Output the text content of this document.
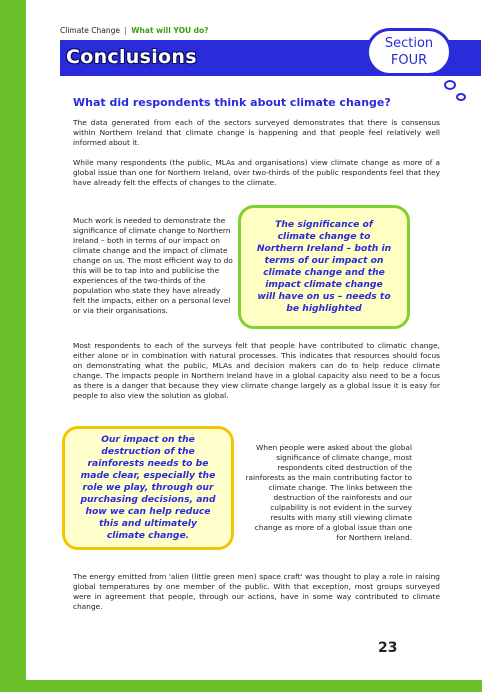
Climate Change | What will YOU do?
Conclusions
Section
FOUR
What did respondents think about climate change?
The data generated from each of the sectors surveyed demonstrates that there is consensus within Northern Ireland that climate change is happening and that people feel relatively well informed about it.
While many respondents (the public, MLAs and organisations) view climate change as more of a global issue than one for Northern Ireland, over two-thirds of the public respondents feel that they have already felt the effects of changes to the climate.
Much work is needed to demonstrate the significance of climate change to Northern Ireland – both in terms of our impact on climate change and the impact of climate change on us. The most efficient way to do this will be to tap into and publicise the experiences of the two-thirds of the population who state they have already felt the impacts, either on a personal level or via their organisations.
The significance of climate change to Northern Ireland – both in terms of our impact on climate change and the impact climate change will have on us – needs to be highlighted
Most respondents to each of the surveys felt that people have contributed to climatic change, either alone or in combination with natural processes. This indicates that resources should focus on demonstrating what the public, MLAs and decision makers can do to help reduce climate change. The impacts people in Northern Ireland have in a global capacity also need to be a focus as there is a danger that because they view climate change largely as a global issue it is easy for people to also view the solution as global.
Our impact on the destruction of the rainforests needs to be made clear, especially the role we play, through our purchasing decisions, and how we can help reduce this and ultimately climate change.
When people were asked about the global significance of climate change, most respondents cited destruction of the rainforests as the main contributing factor to climate change. The links between the destruction of the rainforests and our culpability is not evident in the survey results with many still viewing climate change as more of a global issue than one for Northern Ireland.
The energy emitted from 'alien (little green men) space craft' was thought to play a role in raising global temperatures by one member of the public. With that exception, most groups surveyed were in agreement that people, through our actions, have in some way contributed to climate change.
23
